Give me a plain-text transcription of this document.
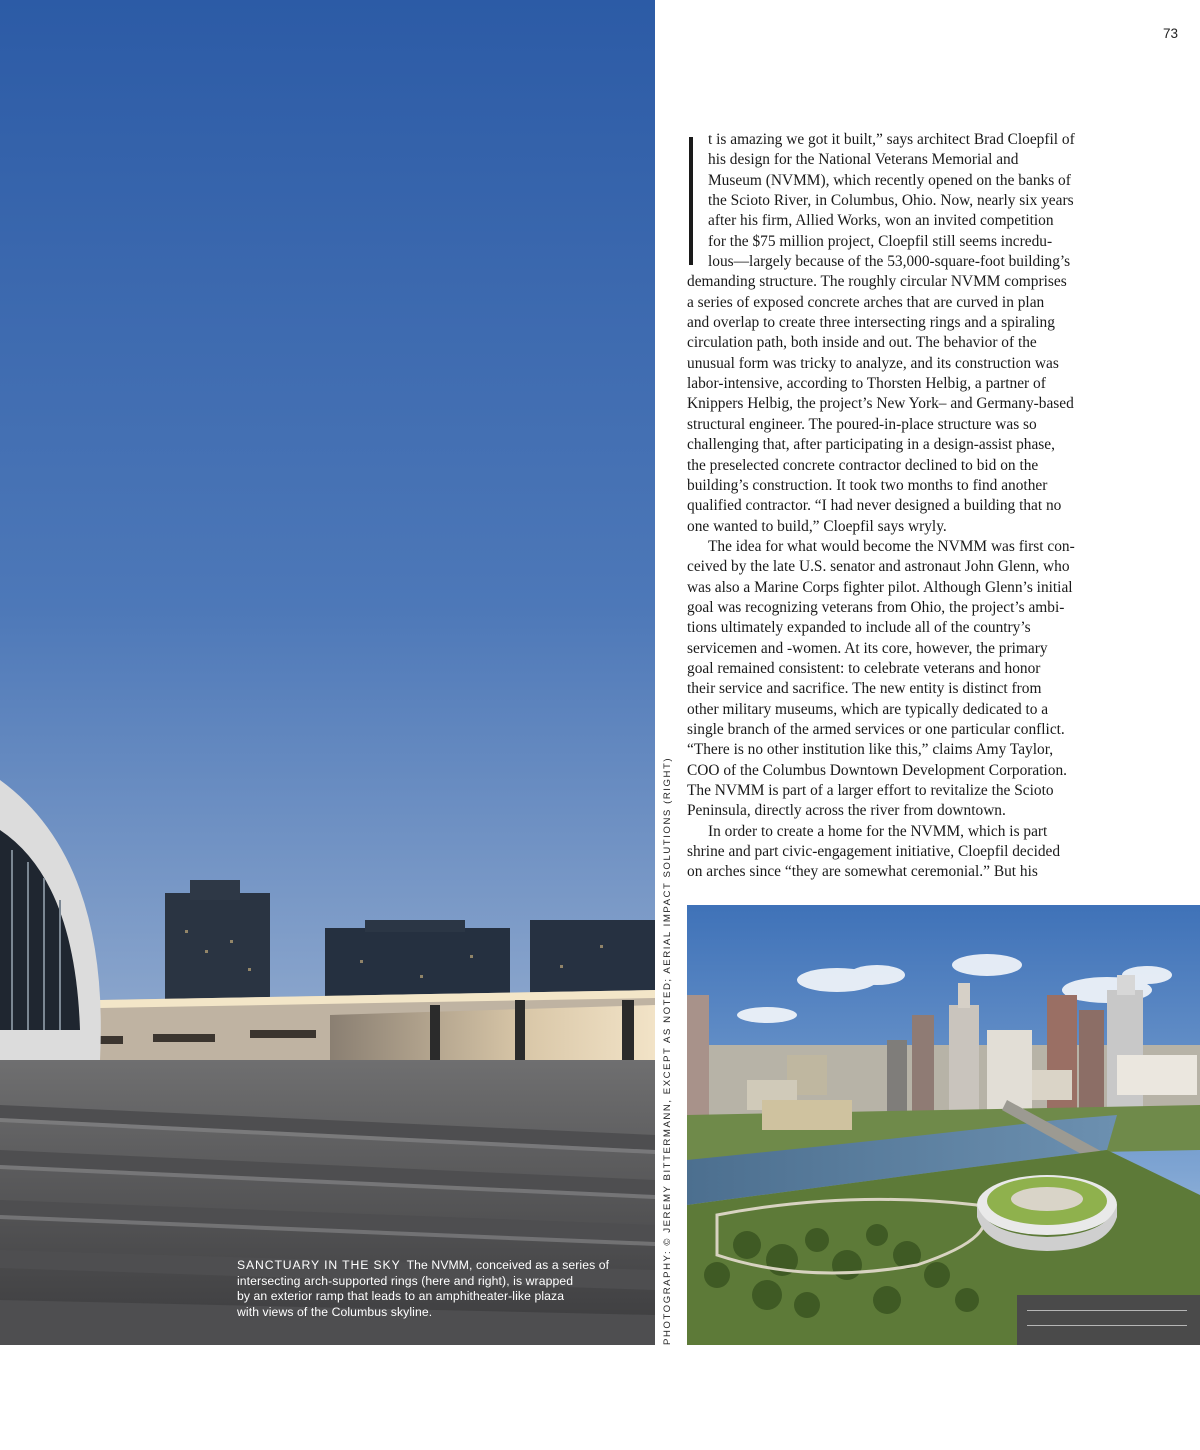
SANCTUARY IN THE SKY The NVMM, conceived as a series of
intersecting arch-supported rings (here and right), is wrapped
by an exterior ramp that leads to an amphitheater-like plaza
with views of the Columbus skyline.	PHOTOGRAPHY: © JEREMY BITTERMANN, EXCEPT AS NOTED; AERIAL IMPACT SOLUTIONS (RIGHT)
73
t is amazing we got it built,” says architect Brad Cloepfil of
his design for the National Veterans Memorial and
Museum (NVMM), which recently opened on the banks of
the Scioto River, in Columbus, Ohio. Now, nearly six years
after his firm, Allied Works, won an invited competition
for the $75 million project, Cloepfil still seems incredu-
lous—largely because of the 53,000-square-foot building’s
demanding structure. The roughly circular NVMM comprises
a series of exposed concrete arches that are curved in plan
and overlap to create three intersecting rings and a spiraling
circulation path, both inside and out. The behavior of the
unusual form was tricky to analyze, and its construction was
labor-intensive, according to Thorsten Helbig, a partner of
Knippers Helbig, the project’s New York– and Germany-based
structural engineer. The poured-in-place structure was so
challenging that, after participating in a design-assist phase,
the preselected concrete contractor declined to bid on the
building’s construction. It took two months to find another
qualified contractor. “I had never designed a building that no
one wanted to build,” Cloepfil says wryly.
The idea for what would become the NVMM was first con-
ceived by the late U.S. senator and astronaut John Glenn, who
was also a Marine Corps fighter pilot. Although Glenn’s initial
goal was recognizing veterans from Ohio, the project’s ambi-
tions ultimately expanded to include all of the country’s
servicemen and -women. At its core, however, the primary
goal remained consistent: to celebrate veterans and honor
their service and sacrifice. The new entity is distinct from
other military museums, which are typically dedicated to a
single branch of the armed services or one particular conflict.
“There is no other institution like this,” claims Amy Taylor,
COO of the Columbus Downtown Development Corporation.
The NVMM is part of a larger effort to revitalize the Scioto
Peninsula, directly across the river from downtown.
In order to create a home for the NVMM, which is part
shrine and part civic-engagement initiative, Cloepfil decided
on arches since “they are somewhat ceremonial.” But his
